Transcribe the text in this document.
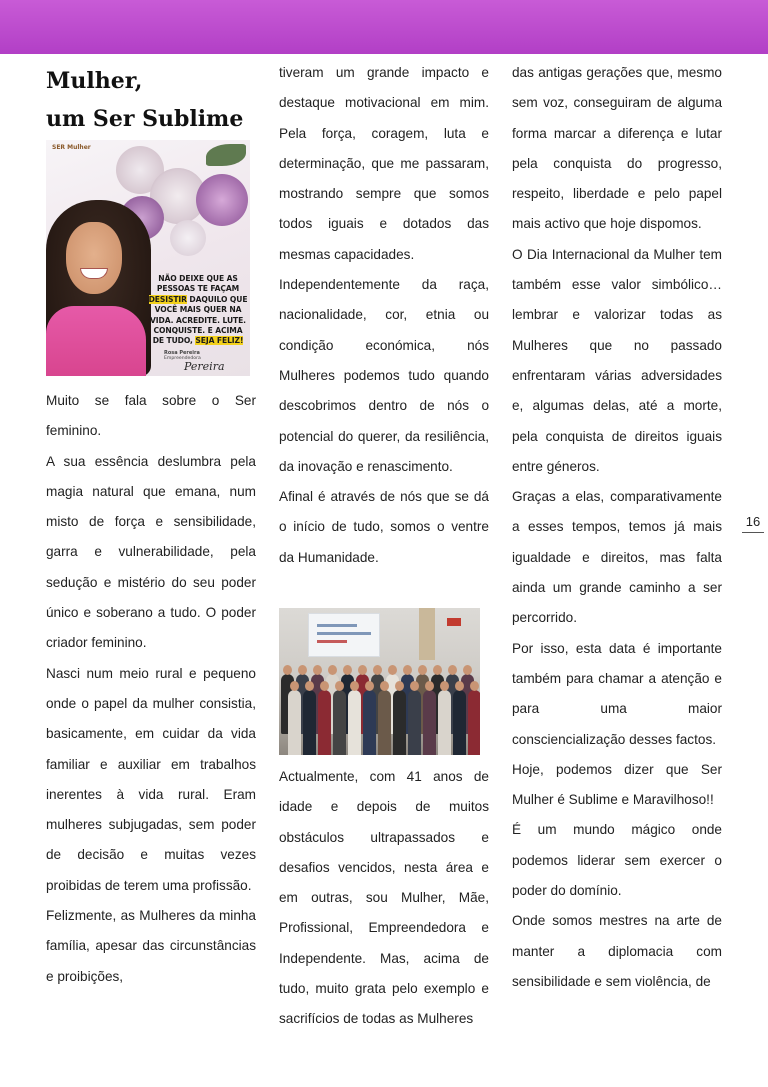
Mulher,
um Ser Sublime
SER Mulher
NÃO DEIXE QUE AS PESSOAS TE FAÇAM DESISTIR DAQUILO QUE VOCÊ MAIS QUER NA VIDA. ACREDITE. LUTE. CONQUISTE. E ACIMA DE TUDO, SEJA FELIZ!
Rosa Pereira
Empreendedora
Pereira

Muito se fala sobre o Ser feminino.

A sua essência deslumbra pela magia natural que emana, num misto de força e sensibilidade, garra e vulnerabilidade, pela sedução e mistério do seu poder único e soberano a tudo. O poder criador feminino.

Nasci num meio rural e pequeno onde o papel da mulher consistia, basicamente, em cuidar da vida familiar e auxiliar em trabalhos inerentes à vida rural. Eram mulheres subjugadas, sem poder de decisão e muitas vezes proibidas de terem uma profissão.

Felizmente, as Mulheres da minha família, apesar das circunstâncias e proibições,

tiveram um grande impacto e destaque motivacional em mim. Pela força, coragem, luta e determinação, que me passaram, mostrando sempre que somos todos iguais e dotados das mesmas capacidades.

Independentemente da raça, nacionalidade, cor, etnia ou condição económica, nós Mulheres podemos tudo quando descobrimos dentro de nós o potencial do querer, da resiliência, da inovação e renascimento.

Afinal é através de nós que se dá o início de tudo, somos o ventre da Humanidade.

Actualmente, com 41 anos de idade e depois de muitos obstáculos ultrapassados e desafios vencidos, nesta área e em outras, sou Mulher, Mãe, Profissional, Empreendedora e Independente. Mas, acima de tudo, muito grata pelo exemplo e sacrifícios de todas as Mulheres

das antigas gerações que, mesmo sem voz, conseguiram de alguma forma marcar a diferença e lutar pela conquista do progresso, respeito, liberdade e pelo papel mais activo que hoje dispomos.

O Dia Internacional da Mulher tem também esse valor simbólico… lembrar e valorizar todas as Mulheres que no passado enfrentaram várias adversidades e, algumas delas, até a morte, pela conquista de direitos iguais entre géneros.

Graças a elas, comparativamente a esses tempos, temos já mais igualdade e direitos, mas falta ainda um grande caminho a ser percorrido.

Por isso, esta data é importante também para chamar a atenção e para uma maior consciencialização desses factos.

Hoje, podemos dizer que Ser Mulher é Sublime e Maravilhoso!!

É um mundo mágico onde podemos liderar sem exercer o poder do domínio.

Onde somos mestres na arte de manter a diplomacia com sensibilidade e sem violência, de

16
